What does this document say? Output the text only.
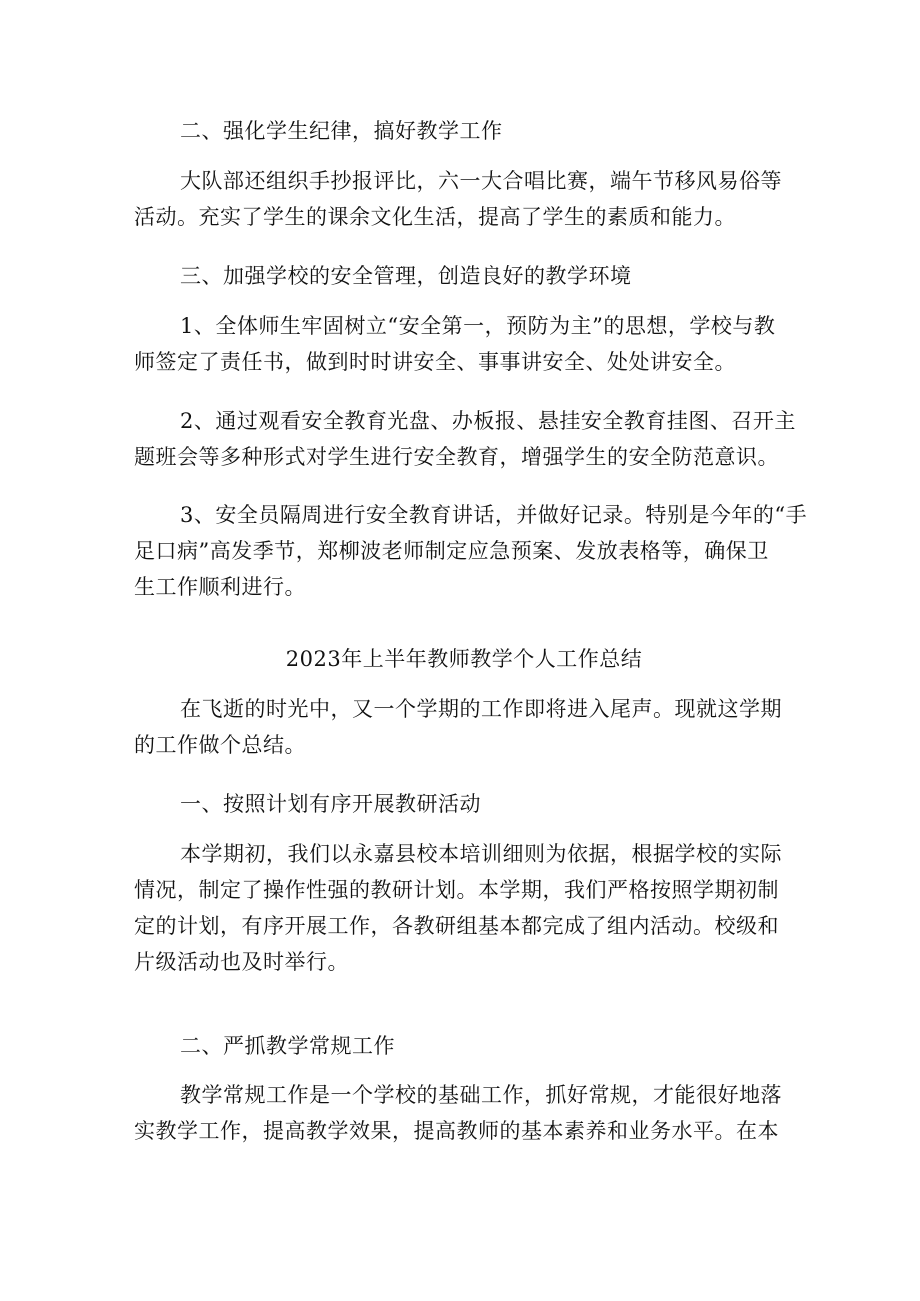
二、强化学生纪律，搞好教学工作

大队部还组织手抄报评比，六一大合唱比赛，端午节移风易俗等
活动。充实了学生的课余文化生活，提高了学生的素质和能力。

三、加强学校的安全管理，创造良好的教学环境

1、全体师生牢固树立“安全第一，预防为主”的思想，学校与教
师签定了责任书，做到时时讲安全、事事讲安全、处处讲安全。

2、通过观看安全教育光盘、办板报、悬挂安全教育挂图、召开主
题班会等多种形式对学生进行安全教育，增强学生的安全防范意识。

3、安全员隔周进行安全教育讲话，并做好记录。特别是今年的“手
足口病”高发季节，郑柳波老师制定应急预案、发放表格等，确保卫
生工作顺利进行。

2023年上半年教师教学个人工作总结

在飞逝的时光中，又一个学期的工作即将进入尾声。现就这学期
的工作做个总结。

一、按照计划有序开展教研活动

本学期初，我们以永嘉县校本培训细则为依据，根据学校的实际
情况，制定了操作性强的教研计划。本学期，我们严格按照学期初制
定的计划，有序开展工作，各教研组基本都完成了组内活动。校级和
片级活动也及时举行。

二、严抓教学常规工作

教学常规工作是一个学校的基础工作，抓好常规，才能很好地落
实教学工作，提高教学效果，提高教师的基本素养和业务水平。在本
